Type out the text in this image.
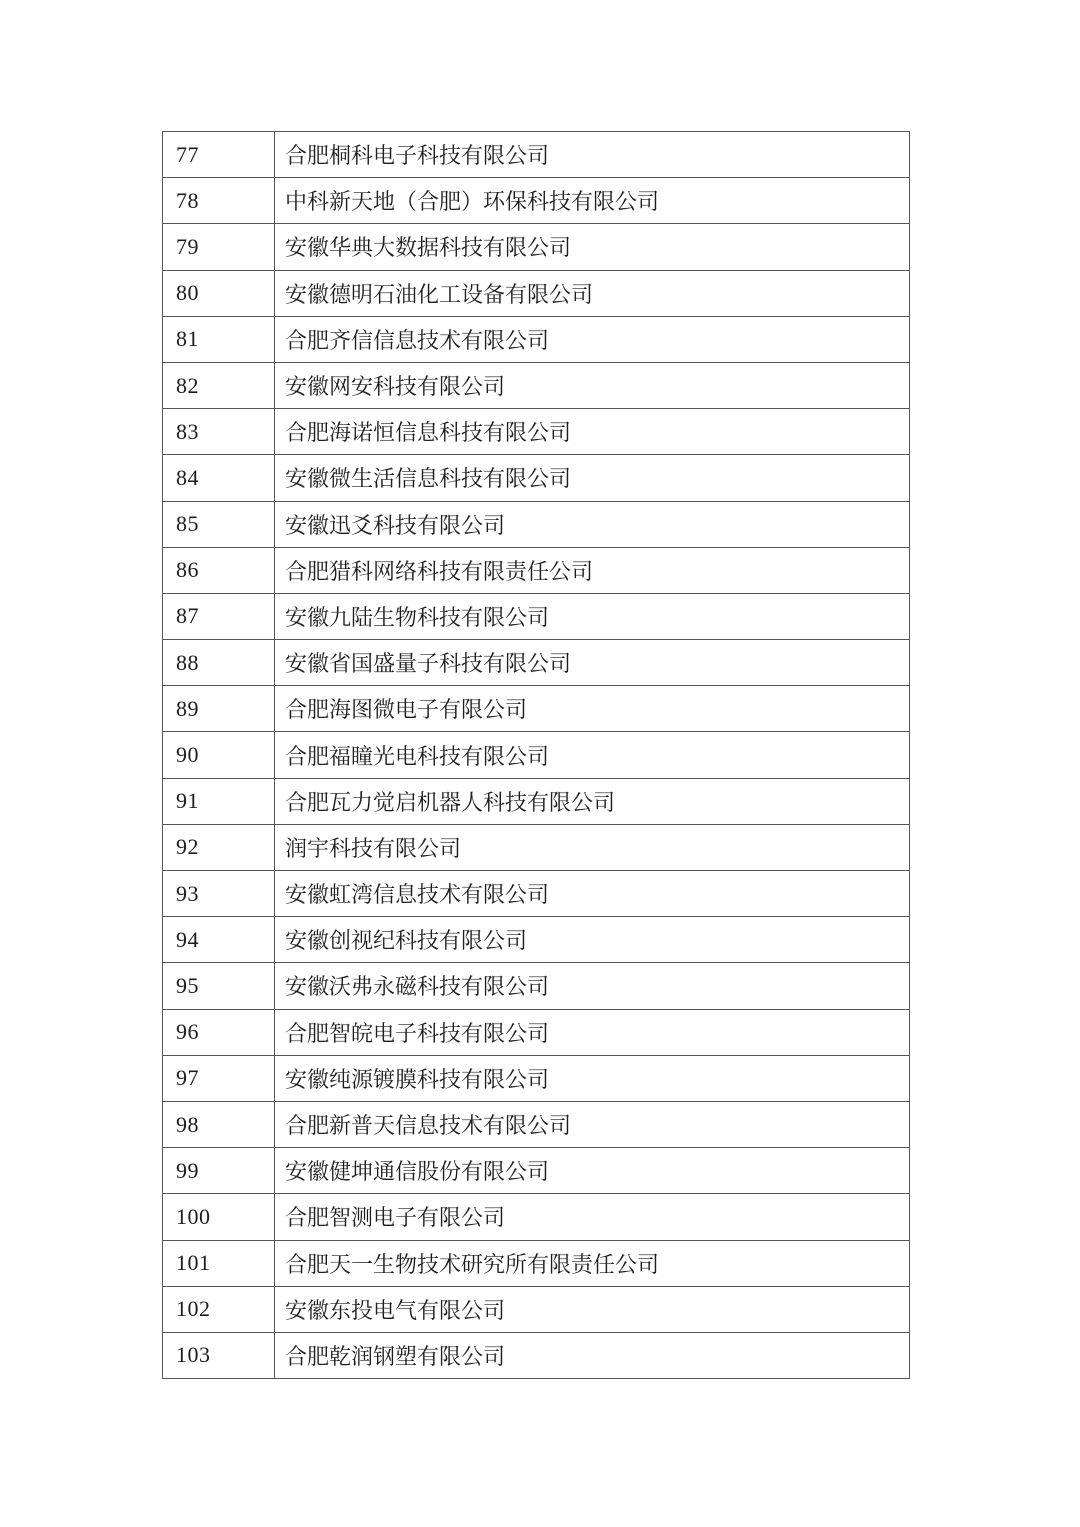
77	合肥桐科电子科技有限公司
78	中科新天地（合肥）环保科技有限公司
79	安徽华典大数据科技有限公司
80	安徽德明石油化工设备有限公司
81	合肥齐信信息技术有限公司
82	安徽网安科技有限公司
83	合肥海诺恒信息科技有限公司
84	安徽微生活信息科技有限公司
85	安徽迅爻科技有限公司
86	合肥猎科网络科技有限责任公司
87	安徽九陆生物科技有限公司
88	安徽省国盛量子科技有限公司
89	合肥海图微电子有限公司
90	合肥福瞳光电科技有限公司
91	合肥瓦力觉启机器人科技有限公司
92	润宇科技有限公司
93	安徽虹湾信息技术有限公司
94	安徽创视纪科技有限公司
95	安徽沃弗永磁科技有限公司
96	合肥智皖电子科技有限公司
97	安徽纯源镀膜科技有限公司
98	合肥新普天信息技术有限公司
99	安徽健坤通信股份有限公司
100	合肥智测电子有限公司
101	合肥天一生物技术研究所有限责任公司
102	安徽东投电气有限公司
103	合肥乾润钢塑有限公司
